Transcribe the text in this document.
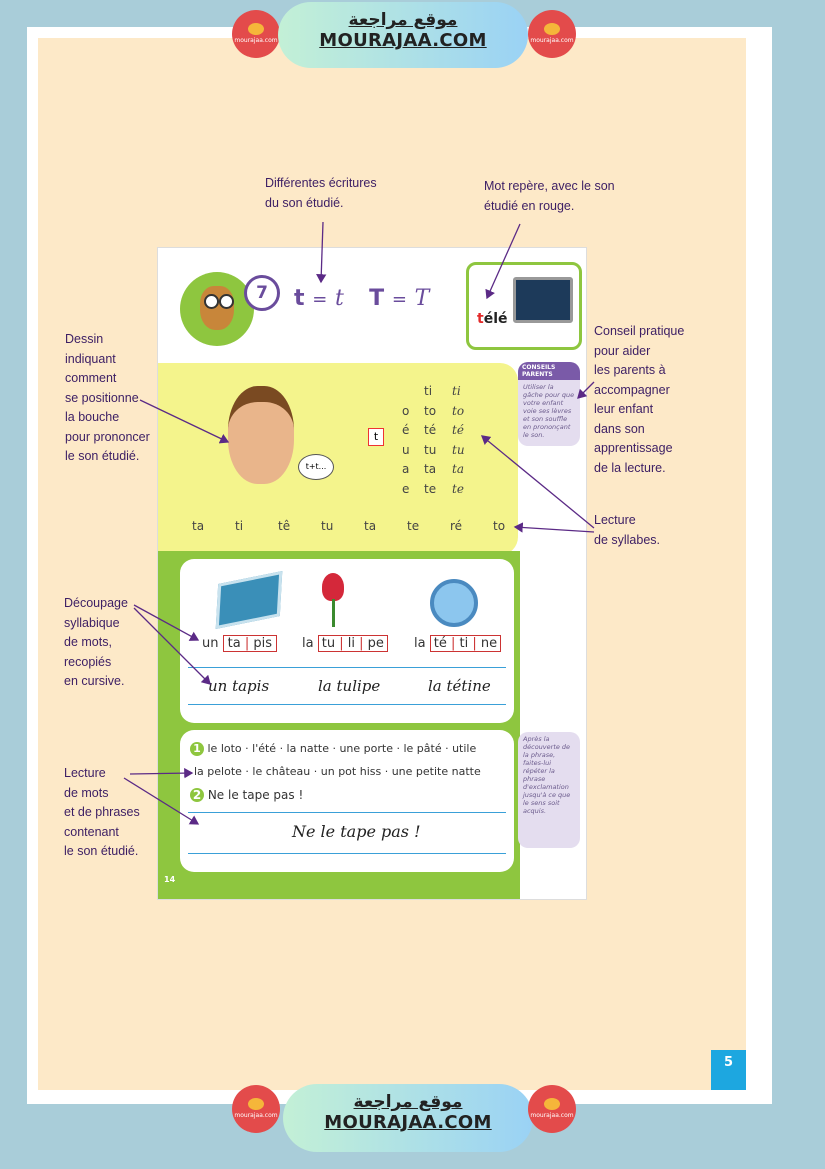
mourajaa.com
موقع مراجعة
MOURAJAA.COM	mourajaa.com
Différentes écritures
du son étudié.
Mot repère, avec le son
étudié en rouge.
Dessin
indiquant
comment
se positionne
la bouche
pour prononcer
le son étudié.
Conseil pratique
pour aider
les parents à
accompagner
leur enfant
dans son
apprentissage
de la lecture.
Lecture
de syllabes.
Découpage
syllabique
de mots,
recopiés
en cursive.
Lecture
de mots
et de phrases
contenant
le son étudié.
7	t = t T = T
télé
t+t...
t
ti ti
o to to
é té té
u tu tu
a ta ta
e te te
ta	ti	tê	tu	ta	te	ré	to
CONSEILS PARENTS
Utiliser la gâche pour que votre enfant voie ses lèvres et son souffle en prononçant le son.
un ta | pis	la tu | li | pe	la té | ti | ne
un tapis	la tulipe	la tétine
1 le loto · l'été · la natte · une porte · le pâté · utile
la pelote · le château · un pot hiss · une petite natte
2 Ne le tape pas !
Ne le tape pas !
Après la découverte de la phrase, faites-lui répéter la phrase d'exclamation jusqu'à ce que le sens soit acquis.
14
5
mourajaa.com
موقع مراجعة
MOURAJAA.COM	mourajaa.com
